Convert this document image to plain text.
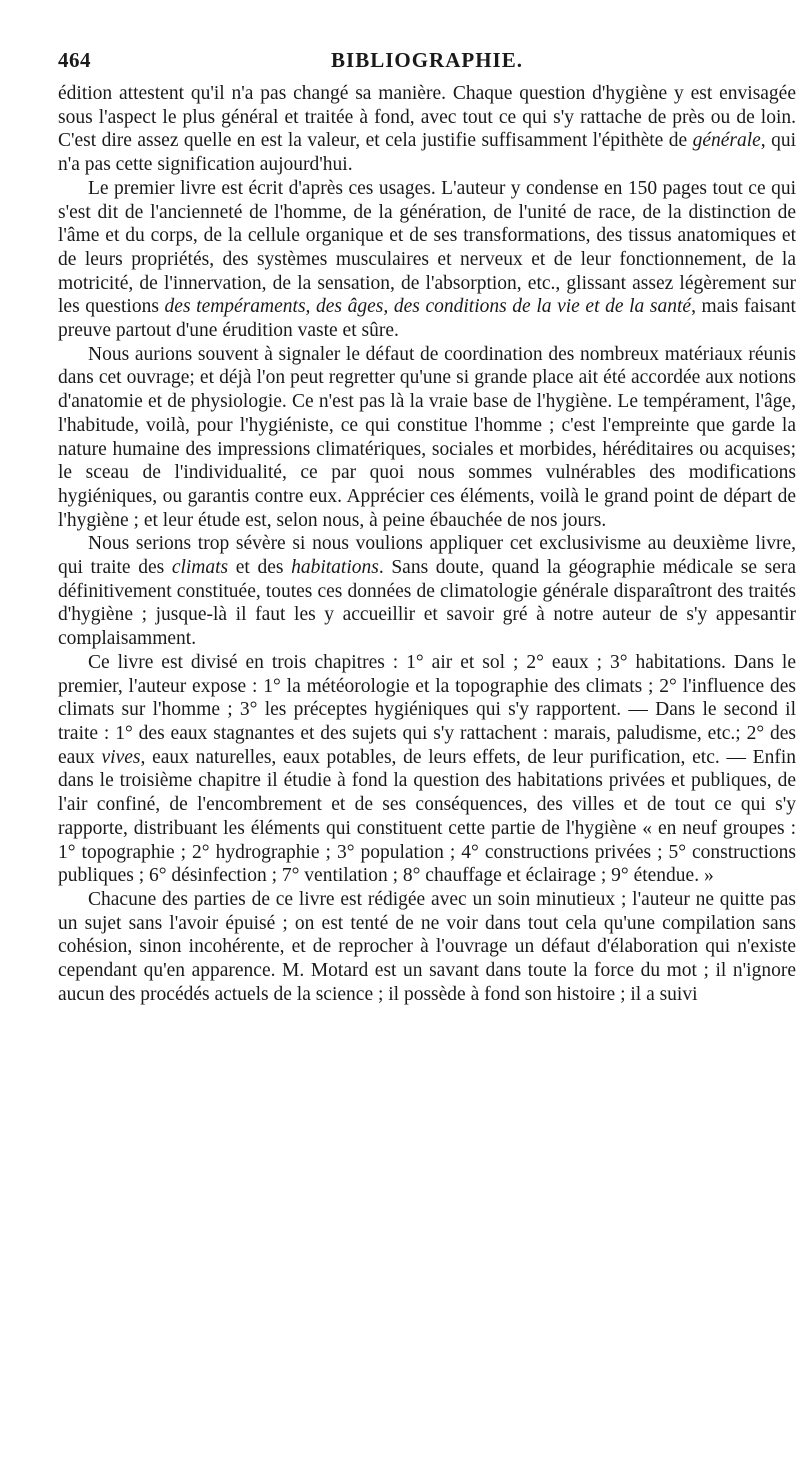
464	BIBLIOGRAPHIE.

édition attestent qu'il n'a pas changé sa manière. Chaque question d'hygiène y est envisagée sous l'aspect le plus général et traitée à fond, avec tout ce qui s'y rattache de près ou de loin. C'est dire assez quelle en est la valeur, et cela justifie suffisamment l'épithète de générale, qui n'a pas cette signification aujourd'hui.

Le premier livre est écrit d'après ces usages. L'auteur y condense en 150 pages tout ce qui s'est dit de l'ancienneté de l'homme, de la génération, de l'unité de race, de la distinction de l'âme et du corps, de la cellule organique et de ses transformations, des tissus anatomiques et de leurs propriétés, des systèmes musculaires et nerveux et de leur fonctionnement, de la motricité, de l'innervation, de la sensation, de l'absorption, etc., glissant assez légèrement sur les questions des tempéraments, des âges, des conditions de la vie et de la santé, mais faisant preuve partout d'une érudition vaste et sûre.

Nous aurions souvent à signaler le défaut de coordination des nombreux matériaux réunis dans cet ouvrage; et déjà l'on peut regretter qu'une si grande place ait été accordée aux notions d'anatomie et de physiologie. Ce n'est pas là la vraie base de l'hygiène. Le tempérament, l'âge, l'habitude, voilà, pour l'hygiéniste, ce qui constitue l'homme ; c'est l'empreinte que garde la nature humaine des impressions climatériques, sociales et morbides, héréditaires ou acquises; le sceau de l'individualité, ce par quoi nous sommes vulnérables des modifications hygiéniques, ou garantis contre eux. Apprécier ces éléments, voilà le grand point de départ de l'hygiène ; et leur étude est, selon nous, à peine ébauchée de nos jours.

Nous serions trop sévère si nous voulions appliquer cet exclusivisme au deuxième livre, qui traite des climats et des habitations. Sans doute, quand la géographie médicale se sera définitivement constituée, toutes ces données de climatologie générale disparaîtront des traités d'hygiène ; jusque-là il faut les y accueillir et savoir gré à notre auteur de s'y appesantir complaisamment.

Ce livre est divisé en trois chapitres : 1° air et sol ; 2° eaux ; 3° habitations. Dans le premier, l'auteur expose : 1° la météorologie et la topographie des climats ; 2° l'influence des climats sur l'homme ; 3° les préceptes hygiéniques qui s'y rapportent. — Dans le second il traite : 1° des eaux stagnantes et des sujets qui s'y rattachent : marais, paludisme, etc.; 2° des eaux vives, eaux naturelles, eaux potables, de leurs effets, de leur purification, etc. — Enfin dans le troisième chapitre il étudie à fond la question des habitations privées et publiques, de l'air confiné, de l'encombrement et de ses conséquences, des villes et de tout ce qui s'y rapporte, distribuant les éléments qui constituent cette partie de l'hygiène « en neuf groupes : 1° topographie ; 2° hydrographie ; 3° population ; 4° constructions privées ; 5° constructions publiques ; 6° désinfection ; 7° ventilation ; 8° chauffage et éclairage ; 9° étendue. »

Chacune des parties de ce livre est rédigée avec un soin minutieux ; l'auteur ne quitte pas un sujet sans l'avoir épuisé ; on est tenté de ne voir dans tout cela qu'une compilation sans cohésion, sinon incohérente, et de reprocher à l'ouvrage un défaut d'élaboration qui n'existe cependant qu'en apparence. M. Motard est un savant dans toute la force du mot ; il n'ignore aucun des procédés actuels de la science ; il possède à fond son histoire ; il a suivi
